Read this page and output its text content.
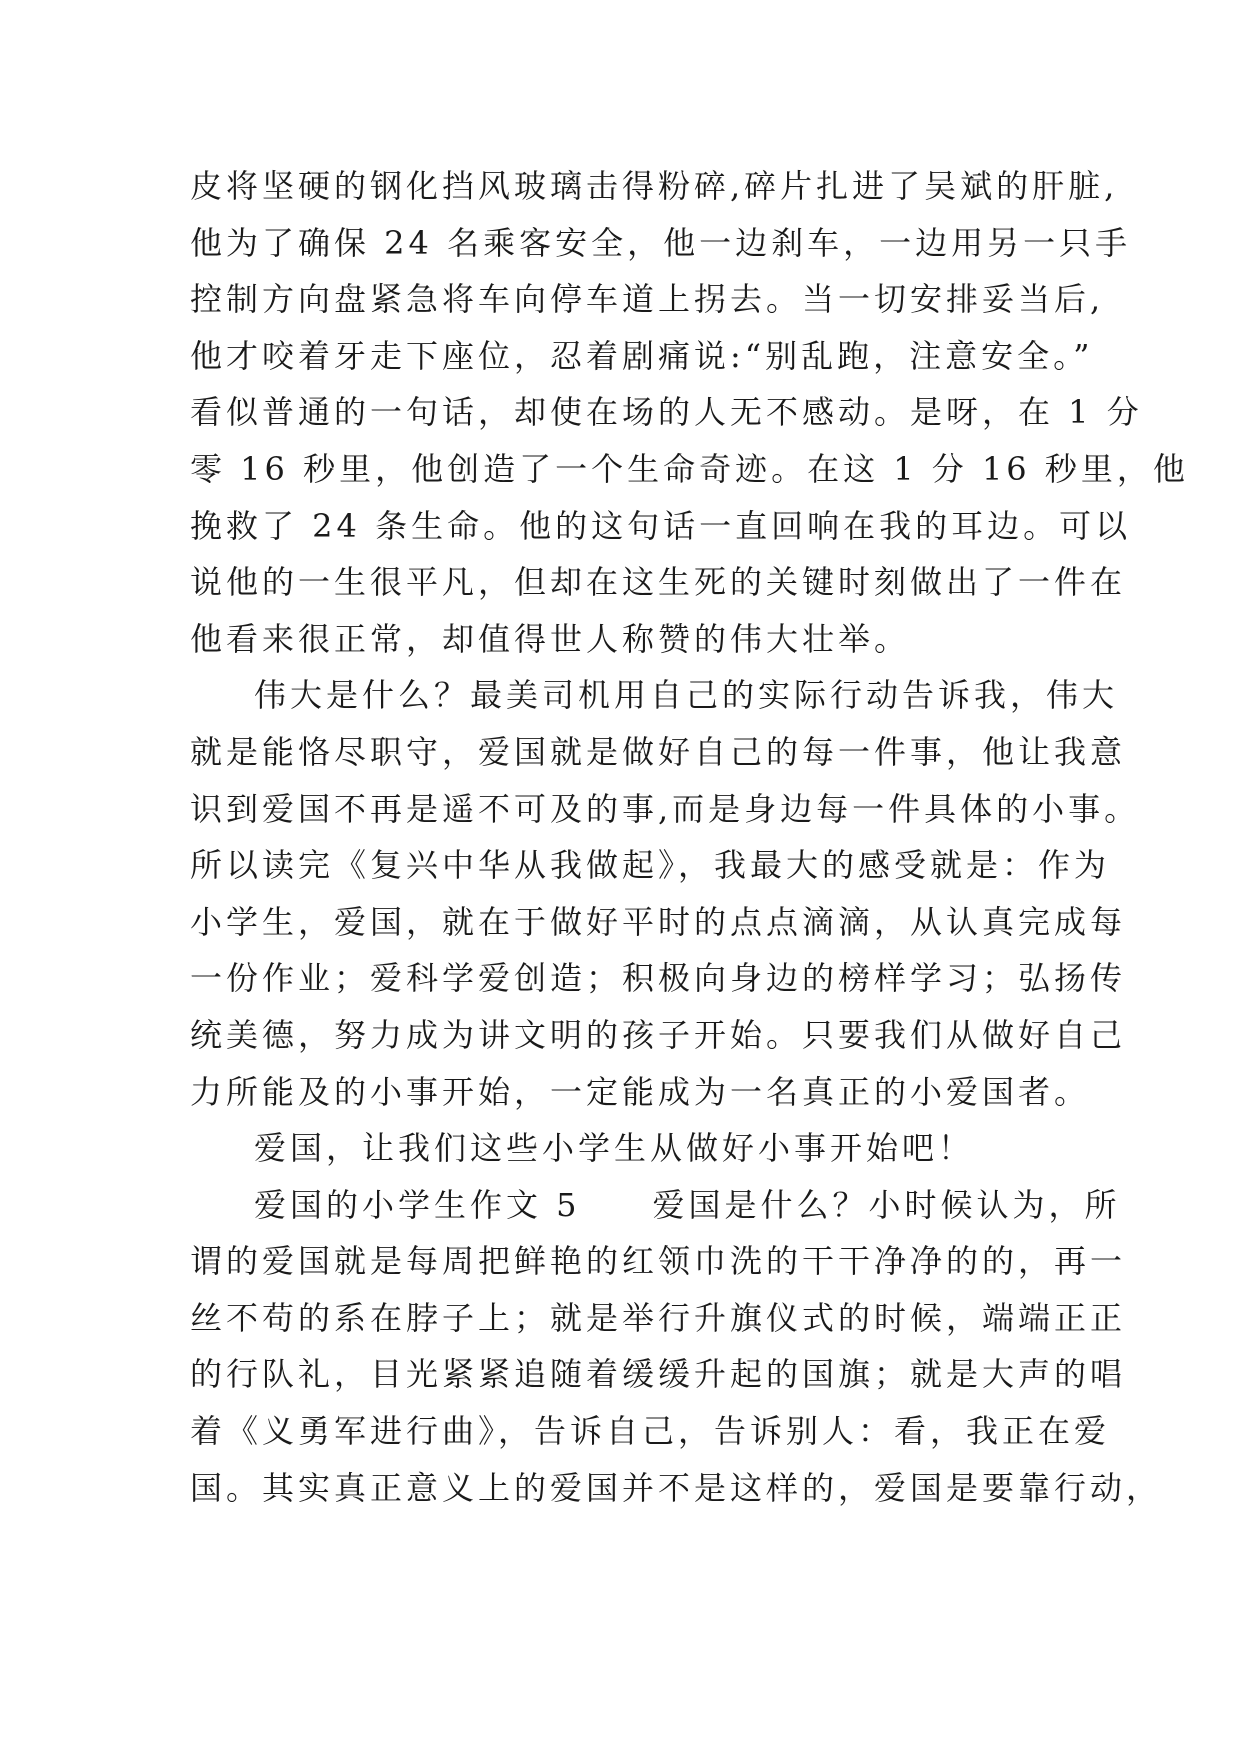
皮将坚硬的钢化挡风玻璃击得粉碎,碎片扎进了吴斌的肝脏,
他为了确保 24 名乘客安全，他一边刹车，一边用另一只手
控制方向盘紧急将车向停车道上拐去。当一切安排妥当后,
他才咬着牙走下座位，忍着剧痛说:“别乱跑，注意安全。”
看似普通的一句话，却使在场的人无不感动。是呀，在 1 分
零 16 秒里，他创造了一个生命奇迹。在这 1 分 16 秒里，他
挽救了 24 条生命。他的这句话一直回响在我的耳边。可以
说他的一生很平凡，但却在这生死的关键时刻做出了一件在
他看来很正常，却值得世人称赞的伟大壮举。
伟大是什么？最美司机用自己的实际行动告诉我，伟大
就是能恪尽职守，爱国就是做好自己的每一件事，他让我意
识到爱国不再是遥不可及的事,而是身边每一件具体的小事。
所以读完《复兴中华从我做起》，我最大的感受就是：作为
小学生，爱国，就在于做好平时的点点滴滴，从认真完成每
一份作业；爱科学爱创造；积极向身边的榜样学习；弘扬传
统美德，努力成为讲文明的孩子开始。只要我们从做好自己
力所能及的小事开始，一定能成为一名真正的小爱国者。
爱国，让我们这些小学生从做好小事开始吧！
爱国的小学生作文 5　　爱国是什么？小时候认为，所
谓的爱国就是每周把鲜艳的红领巾洗的干干净净的的，再一
丝不苟的系在脖子上；就是举行升旗仪式的时候，端端正正
的行队礼，目光紧紧追随着缓缓升起的国旗；就是大声的唱
着《义勇军进行曲》，告诉自己，告诉别人：看，我正在爱
国。其实真正意义上的爱国并不是这样的，爱国是要靠行动，
